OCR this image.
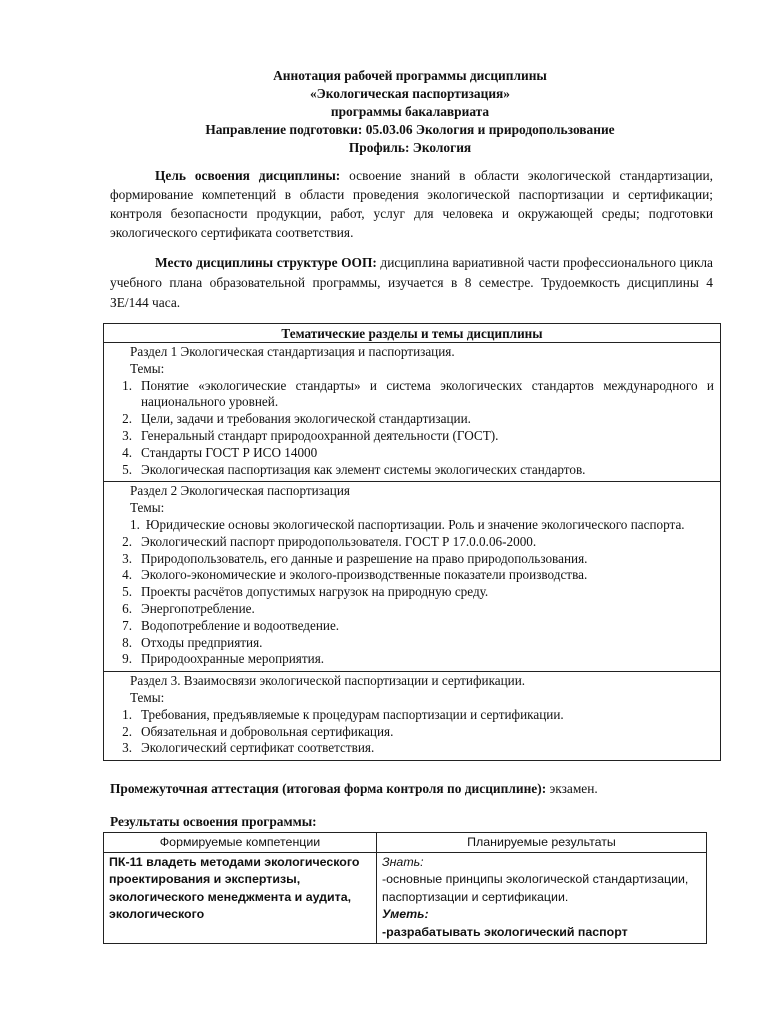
Аннотация рабочей программы дисциплины
«Экологическая паспортизация»
программы бакалавриата
Направление подготовки: 05.03.06 Экология и природопользование
Профиль: Экология
Цель освоения дисциплины: освоение знаний в области экологической стандартизации, формирование компетенций в области проведения экологической паспортизации и сертификации; контроля безопасности продукции, работ, услуг для человека и окружающей среды; подготовки экологического сертификата соответствия.
Место дисциплины структуре ООП: дисциплина вариативной части профессионального цикла учебного плана образовательной программы, изучается в 8 семестре. Трудоемкость дисциплины 4 ЗЕ/144 часа.
Тематические разделы и темы дисциплины

Раздел 1 Экологическая стандартизация и паспортизация.
Темы:
1. Понятие «экологические стандарты» и система экологических стандартов международного и национального уровней.
2. Цели, задачи и требования экологической стандартизации.
3. Генеральный стандарт природоохранной деятельности (ГОСТ).
4. Стандарты ГОСТ Р ИСО 14000
5. Экологическая паспортизация как элемент системы экологических стандартов.

Раздел 2 Экологическая паспортизация
Темы:
1. Юридические основы экологической паспортизации. Роль и значение экологического паспорта.
2. Экологический паспорт природопользователя. ГОСТ Р 17.0.0.06-2000.
3. Природопользователь, его данные и разрешение на право природопользования.
4. Эколого-экономические и эколого-производственные показатели производства.
5. Проекты расчётов допустимых нагрузок на природную среду.
6. Энергопотребление.
7. Водопотребление и водоотведение.
8. Отходы предприятия.
9. Природоохранные мероприятия.

Раздел 3. Взаимосвязи экологической паспортизации и сертификации.
Темы:
1. Требования, предъявляемые к процедурам паспортизации и сертификации.
2. Обязательная и добровольная сертификация.
3. Экологический сертификат соответствия.
Промежуточная аттестация (итоговая форма контроля по дисциплине): экзамен.
Результаты освоения программы:
Формируемые компетенции	Планируемые результаты
ПК-11 владеть методами экологического проектирования и экспертизы, экологического менеджмента и аудита, экологического	Знать:
-основные принципы экологической стандартизации, паспортизации и сертификации.
Уметь:
-разрабатывать экологический паспорт
